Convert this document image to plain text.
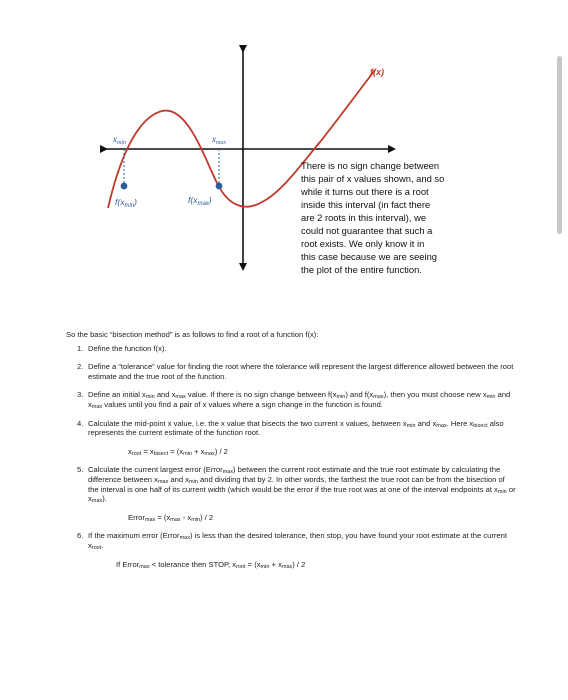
f(x)
$x_{min}$	$x_{max}$
$f(x_{min})$	$f(x_{max})$
There is no sign change between
this pair of x values shown, and so
while it turns out there is a root
inside this interval (in fact there
are 2 roots in this interval), we
could not guarantee that such a
root exists. We only know it in
this case because we are seeing
the plot of the entire function.

So the basic “bisection method” is as follows to find a root of a function f(x):

1. Define the function f(x).
2. Define a “tolerance” value for finding the root where the tolerance will represent the largest difference allowed between the root estimate and the true root of the function.
3. Define an initial $x_{min}$ and $x_{max}$ value. If there is no sign change between $f(x_{min})$ and $f(x_{max})$, then you must choose new $x_{min}$ and $x_{max}$ values until you find a pair of x values where a sign change in the function is found.
4. Calculate the mid-point x value, i.e. the x value that bisects the two current x values, between $x_{min}$ and $x_{max}$. Here $x_{bisect}$ also represents the current estimate of the function root.
$x_{root} = x_{bisect} = (x_{min} + x_{max}) / 2$
5. Calculate the current largest error (Error$_{max}$) between the current root estimate and the true root estimate by calculating the difference between $x_{max}$ and $x_{min}$ and dividing that by 2. In other words, the farthest the true root can be from the bisection of the interval is one half of its current width (which would be the error if the true root was at one of the interval endpoints at $x_{min}$ or $x_{max}$).
Error$_{max}$ = $(x_{max} - x_{min}) / 2$
6. If the maximum error (Error$_{max}$) is less than the desired tolerance, then stop, you have found your root estimate at the current $x_{root}$.
If Error$_{max}$ < tolerance then STOP, $x_{root} = (x_{min} + x_{max}) / 2$
